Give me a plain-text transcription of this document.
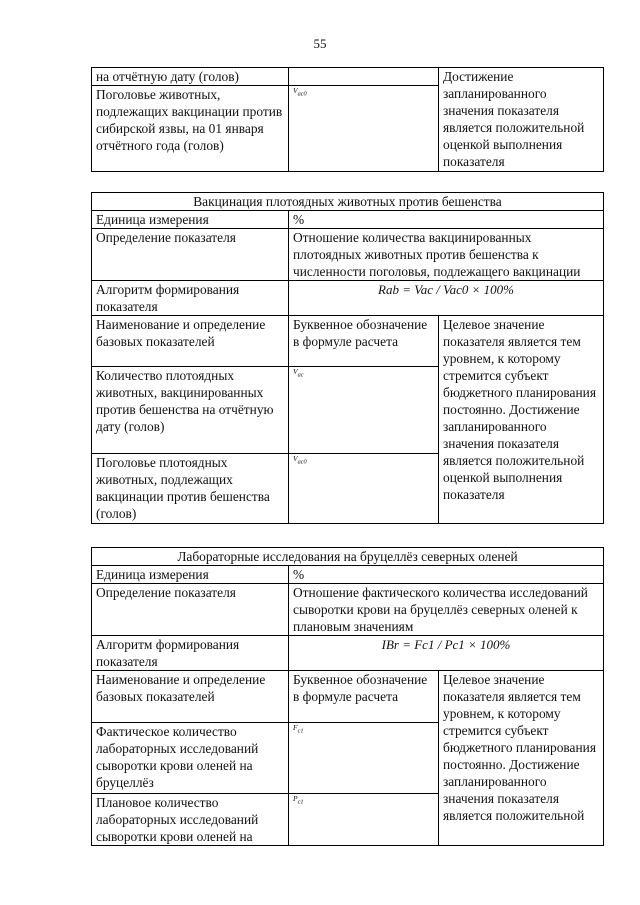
55
на отчётную дату (голов)		Достижение запланированного значения показателя является положительной оценкой выполнения показателя
Поголовье животных, подлежащих вакцинации против сибирской язвы, на 01 января отчётного года (голов)	$V_{ac0}$
Вакцинация плотоядных животных против бешенства		
Единица измерения	%	
Определение показателя	Отношение количества вакцинированных плотоядных животных против бешенства к численности поголовья, подлежащего вакцинации	
Алгоритм формирования показателя	Rab = Vac / Vac0 × 100%	
Наименование и определение базовых показателей	Буквенное обозначение в формуле расчета	Целевое значение показателя является тем уровнем, к которому стремится субъект бюджетного планирования постоянно. Достижение запланированного значения показателя является положительной оценкой выполнения показателя
Количество плотоядных животных, вакцинированных против бешенства на отчётную дату (голов)	$V_{ac}$
Поголовье плотоядных животных, подлежащих вакцинации против бешенства (голов)	$V_{ac0}$
Лабораторные исследования на бруцеллёз северных оленей		
Единица измерения	%	
Определение показателя	Отношение фактического количества исследований сыворотки крови на бруцеллёз северных оленей к плановым значениям	
Алгоритм формирования показателя	IBr = Fc1 / Pc1 × 100%	
Наименование и определение базовых показателей	Буквенное обозначение в формуле расчета	Целевое значение показателя является тем уровнем, к которому стремится субъект бюджетного планирования постоянно. Достижение запланированного значения показателя является положительной
Фактическое количество лабораторных исследований сыворотки крови оленей на бруцеллёз	$F_{c1}$
Плановое количество лабораторных исследований сыворотки крови оленей на	$P_{c1}$
